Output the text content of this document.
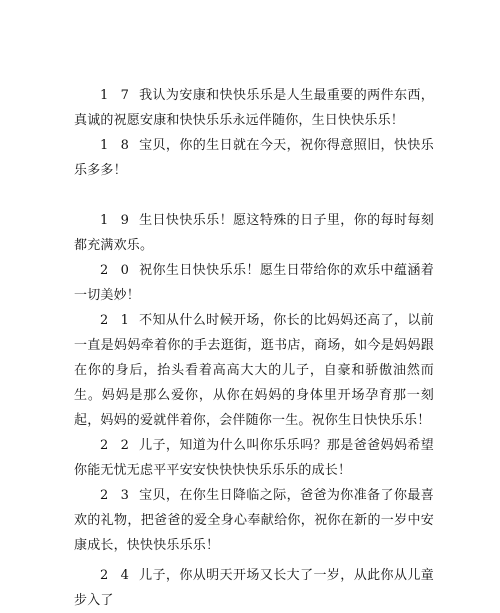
1 7 我认为安康和快快乐乐是人生最重要的两件东西，真诚的祝愿安康和快快乐乐永远伴随你，生日快快乐乐！

1 8 宝贝，你的生日就在今天，祝你得意照旧，快快乐乐多多！

1 9 生日快快乐乐！愿这特殊的日子里，你的每时每刻都充满欢乐。

2 0 祝你生日快快乐乐！愿生日带给你的欢乐中蕴涵着一切美妙！

2 1 不知从什么时候开场，你长的比妈妈还高了，以前一直是妈妈牵着你的手去逛街，逛书店，商场，如今是妈妈跟在你的身后，抬头看着高高大大的儿子，自豪和骄傲油然而生。妈妈是那么爱你，从你在妈妈的身体里开场孕育那一刻起，妈妈的爱就伴着你，会伴随你一生。祝你生日快快乐乐！

2 2 儿子，知道为什么叫你乐乐吗？那是爸爸妈妈希望你能无忧无虑平平安安快快快快乐乐乐的成长！

2 3 宝贝，在你生日降临之际，爸爸为你准备了你最喜欢的礼物，把爸爸的爱全身心奉献给你，祝你在新的一岁中安康成长，快快快乐乐乐！

2 4 儿子，你从明天开场又长大了一岁，从此你从儿童步入了
